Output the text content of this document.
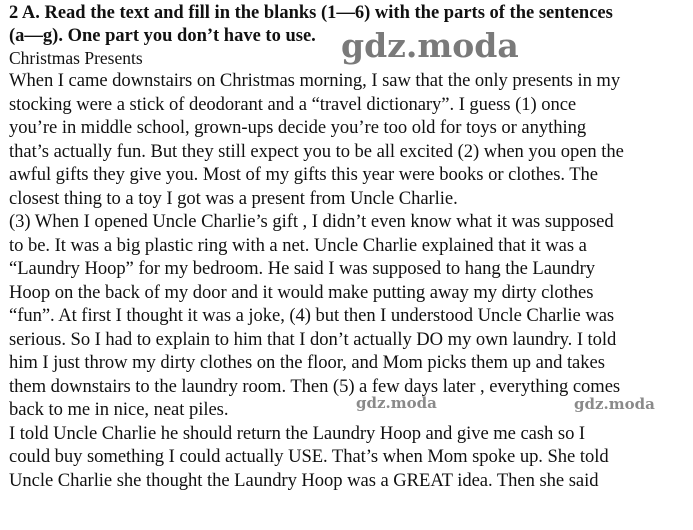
2 A. Read the text and fill in the blanks (1—6) with the parts of the sentences

(a—g). One part you don’t have to use.

Christmas Presents

When I came downstairs on Christmas morning, I saw that the only presents in my

stocking were a stick of deodorant and a “travel dictionary”. I guess (1) once

you’re in middle school, grown-ups decide you’re too old for toys or anything

that’s actually fun. But they still expect you to be all excited (2) when you open the

awful gifts they give you. Most of my gifts this year were books or clothes. The

closest thing to a toy I got was a present from Uncle Charlie.

(3) When I opened Uncle Charlie’s gift , I didn’t even know what it was supposed

to be. It was a big plastic ring with a net. Uncle Charlie explained that it was a

“Laundry Hoop” for my bedroom. He said I was supposed to hang the Laundry

Hoop on the back of my door and it would make putting away my dirty clothes

“fun”. At first I thought it was a joke, (4) but then I understood Uncle Charlie was

serious. So I had to explain to him that I don’t actually DO my own laundry. I told

him I just throw my dirty clothes on the floor, and Mom picks them up and takes

them downstairs to the laundry room. Then (5) a few days later , everything comes

back to me in nice, neat piles.

I told Uncle Charlie he should return the Laundry Hoop and give me cash so I

could buy something I could actually USE. That’s when Mom spoke up. She told

Uncle Charlie she thought the Laundry Hoop was a GREAT idea. Then she said

gdz.moda
gdz.moda	gdz.moda
